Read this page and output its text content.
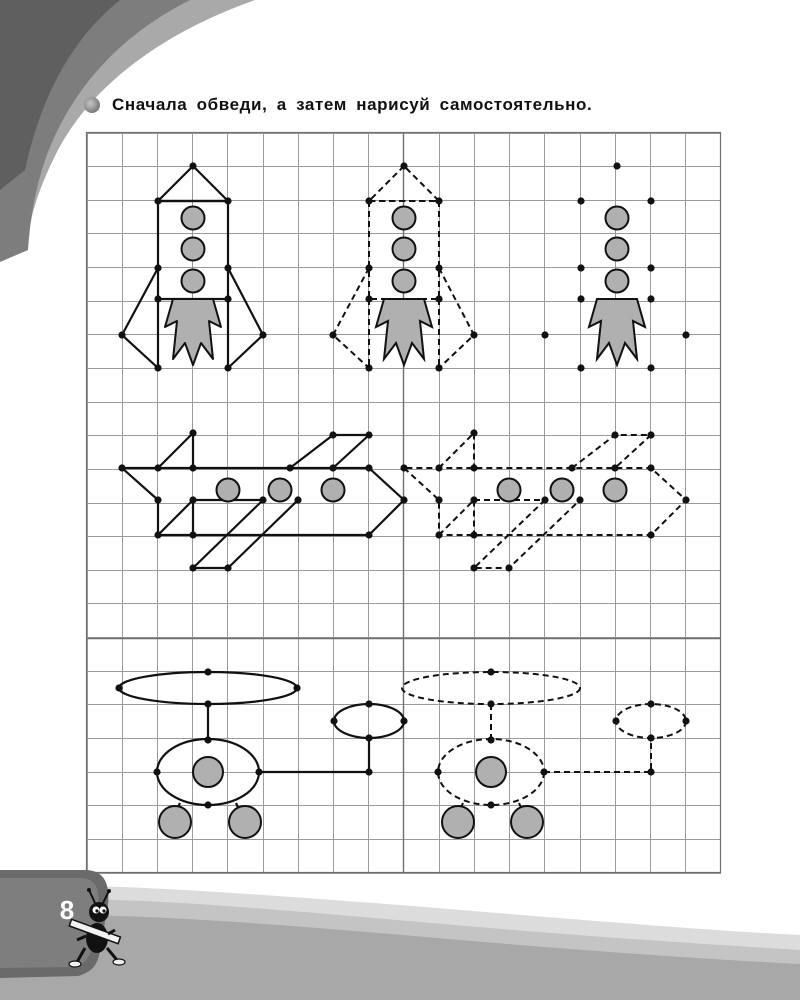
Сначала обведи, а затем нарисуй самостоятельно.
8
